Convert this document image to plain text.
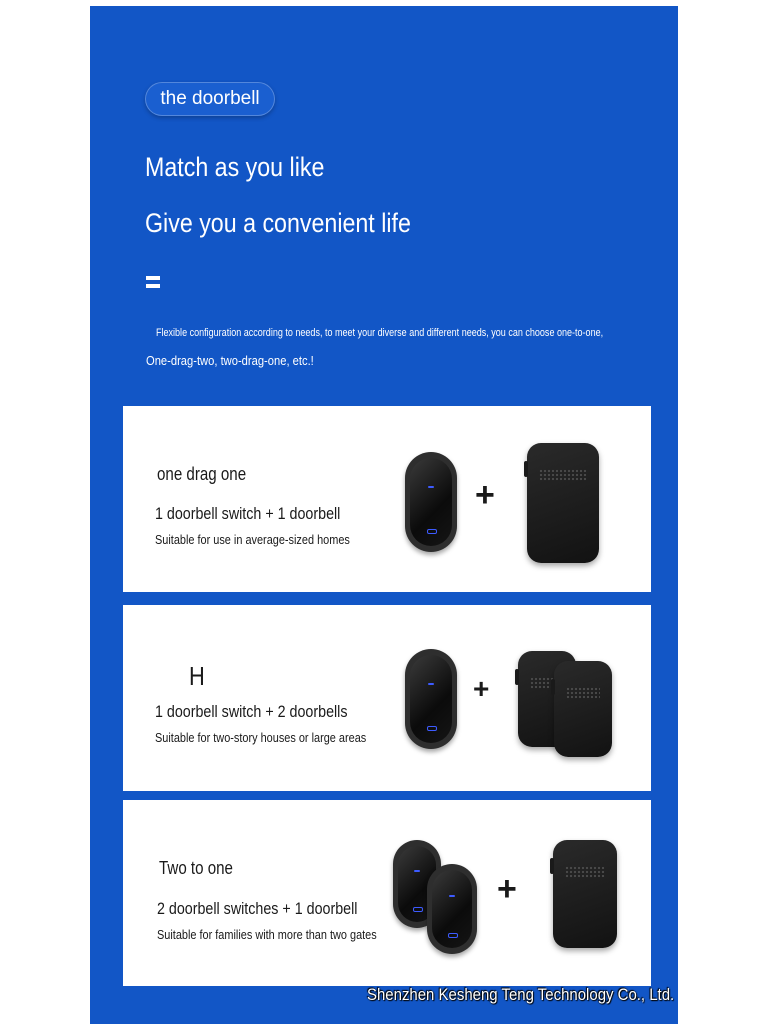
the doorbell
Match as you like
Give you a convenient life
Flexible configuration according to needs, to meet your diverse and different needs, you can choose one-to-one,
One-drag-two, two-drag-one, etc.!
one drag one
1 doorbell switch + 1 doorbell
Suitable for use in average-sized homes
+
H
1 doorbell switch + 2 doorbells
Suitable for two-story houses or large areas
+
Two to one
2 doorbell switches + 1 doorbell
Suitable for families with more than two gates
+
Shenzhen Kesheng Teng Technology Co., Ltd.
